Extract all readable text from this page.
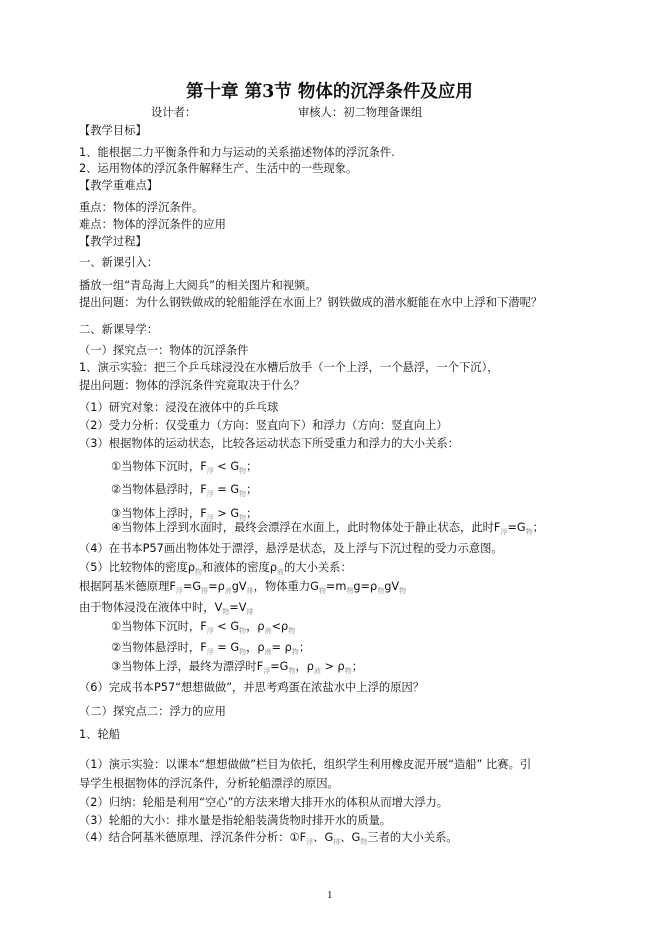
第十章 第3节 物体的沉浮条件及应用
设计者：	审核人：初二物理备课组
【教学目标】
1、能根据二力平衡条件和力与运动的关系描述物体的浮沉条件.
2、运用物体的浮沉条件解释生产、生活中的一些现象。
【教学重难点】
重点：物体的浮沉条件。
难点：物体的浮沉条件的应用
【教学过程】
一、新课引入：
播放一组“青岛海上大阅兵”的相关图片和视频。
提出问题：为什么钢铁做成的轮船能浮在水面上？钢铁做成的潜水艇能在水中上浮和下潜呢？
二、新课导学：
（一）探究点一：物体的沉浮条件
1、演示实验：把三个乒乓球浸没在水槽后放手（一个上浮，一个悬浮，一个下沉），
提出问题：物体的浮沉条件究竟取决于什么？
（1）研究对象：浸没在液体中的乒乓球
（2）受力分析：仅受重力（方向：竖直向下）和浮力（方向：竖直向上）
（3）根据物体的运动状态，比较各运动状态下所受重力和浮力的大小关系：
①当物体下沉时，$F_浮 < G_物$；
②当物体悬浮时，$F_浮 = G_物$；
③当物体上浮时，$F_浮 > G_物$；
④当物体上浮到水面时，最终会漂浮在水面上，此时物体处于静止状态，此时$F_浮=G_物$；
（4）在书本P57画出物体处于漂浮，悬浮是状态，及上浮与下沉过程的受力示意图。
（5）比较物体的密度$\rho_物$和液体的密度$\rho_液$的大小关系：
根据阿基米德原理$F_浮=G_排=\rho_液gV_排$，物体重力$G_物=m_物g=\rho_物gV_物$
由于物体浸没在液体中时，$V_物=V_排$
①当物体下沉时，$F_浮 < G_物$，$\rho_液<\rho_物$
②当物体悬浮时，$F_浮 = G_物$，$\rho_液= \rho_物$；
③当物体上浮，最终为漂浮时$F_浮=G_物$，$\rho_液 > \rho_物$；
（6）完成书本P57“想想做做”，并思考鸡蛋在浓盐水中上浮的原因？
（二）探究点二：浮力的应用
1、轮船
（1）演示实验：以课本“想想做做”栏目为依托，组织学生利用橡皮泥开展“造船” 比赛。引
导学生根据物体的浮沉条件，分析轮船漂浮的原因。
（2）归纳：轮船是利用“空心”的方法来增大排开水的体积从而增大浮力。
（3）轮船的大小：排水量是指轮船装满货物时排开水的质量。
（4）结合阿基米德原理、浮沉条件分析：$①F_浮$、$G_排$、$G_物$三者的大小关系。
1
